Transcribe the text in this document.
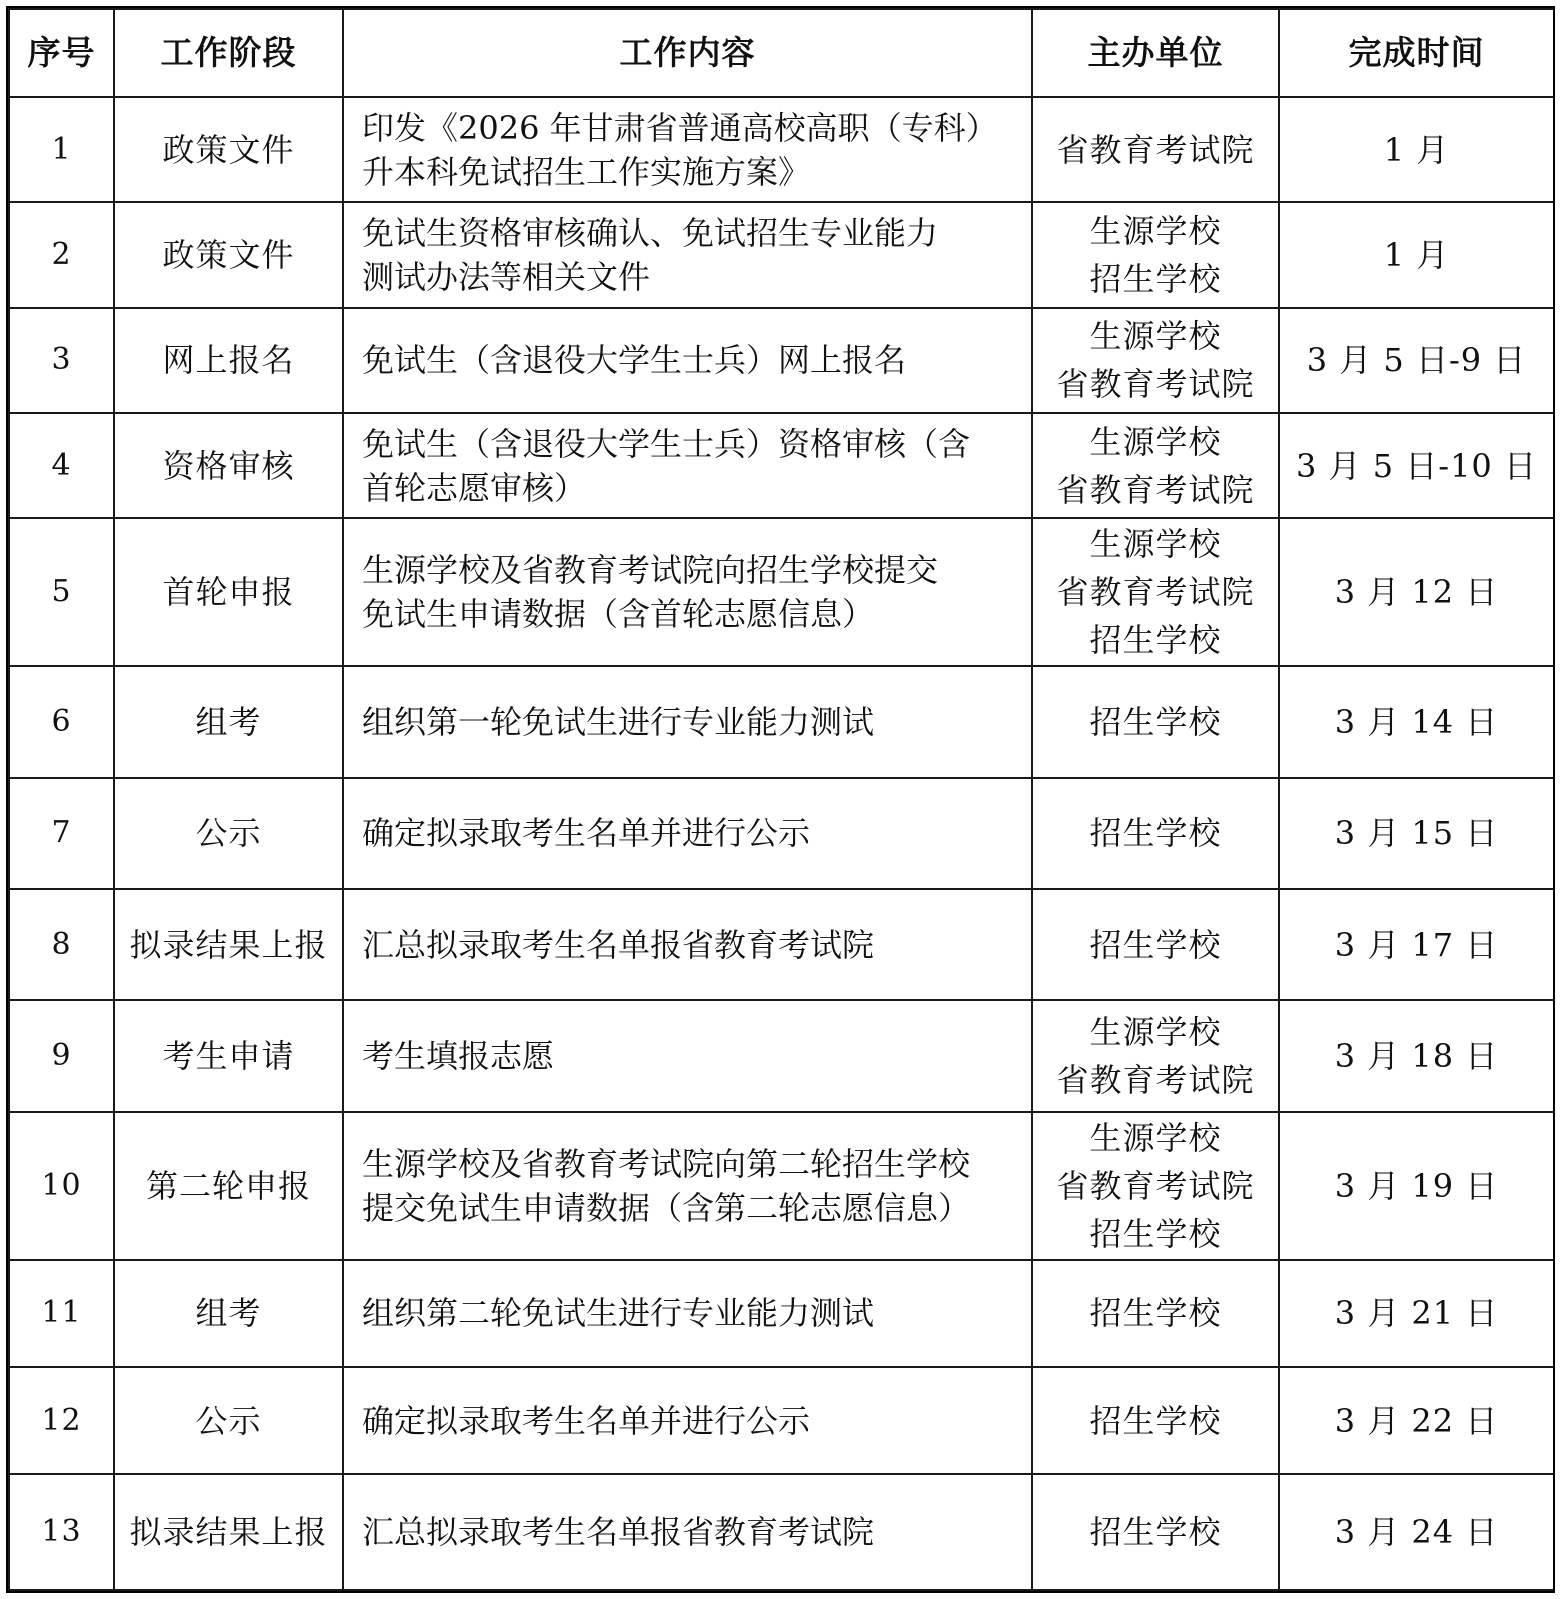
序号	工作阶段	工作内容	主办单位	完成时间
1	政策文件	印发《2026 年甘肃省普通高校高职（专科）
升本科免试招生工作实施方案》	省教育考试院	1 月
2	政策文件	免试生资格审核确认、免试招生专业能力
测试办法等相关文件	生源学校
招生学校	1 月
3	网上报名	免试生（含退役大学生士兵）网上报名	生源学校
省教育考试院	3 月 5 日-9 日
4	资格审核	免试生（含退役大学生士兵）资格审核（含
首轮志愿审核）	生源学校
省教育考试院	3 月 5 日-10 日
5	首轮申报	生源学校及省教育考试院向招生学校提交
免试生申请数据（含首轮志愿信息）	生源学校
省教育考试院
招生学校	3 月 12 日
6	组考	组织第一轮免试生进行专业能力测试	招生学校	3 月 14 日
7	公示	确定拟录取考生名单并进行公示	招生学校	3 月 15 日
8	拟录结果上报	汇总拟录取考生名单报省教育考试院	招生学校	3 月 17 日
9	考生申请	考生填报志愿	生源学校
省教育考试院	3 月 18 日
10	第二轮申报	生源学校及省教育考试院向第二轮招生学校
提交免试生申请数据（含第二轮志愿信息）	生源学校
省教育考试院
招生学校	3 月 19 日
11	组考	组织第二轮免试生进行专业能力测试	招生学校	3 月 21 日
12	公示	确定拟录取考生名单并进行公示	招生学校	3 月 22 日
13	拟录结果上报	汇总拟录取考生名单报省教育考试院	招生学校	3 月 24 日
